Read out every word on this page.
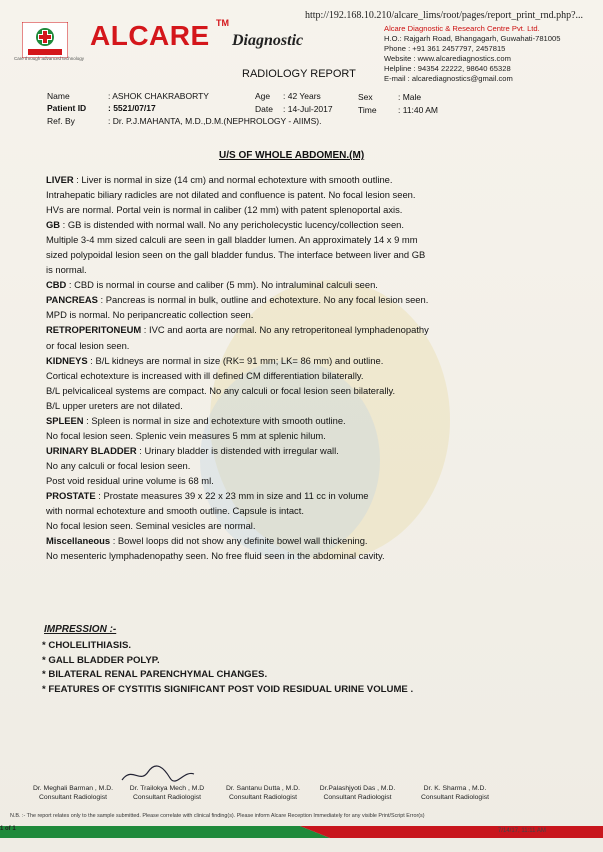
http://192.168.10.210/alcare_lims/root/pages/report_print_rnd.php?...
Care through advanced technology
ALCARE TM
Diagnostic
Alcare Diagnostic & Research Centre Pvt. Ltd.
H.O.: Rajgarh Road, Bhangagarh, Guwahati-781005
Phone : +91 361 2457797, 2457815
Website : www.alcarediagnostics.com
Helpline : 94354 22222, 98640 65328
E-mail : alcarediagnostics@gmail.com
RADIOLOGY REPORT
Name	: ASHOK CHAKRABORTY
Patient ID	: 5521/07/17
Ref. By	: Dr. P.J.MAHANTA, M.D.,D.M.(NEPHROLOGY - AIIMS).
Age : 42 Years
Date : 14-Jul-2017
Sex	: Male
Time	: 11:40 AM
U/S OF WHOLE ABDOMEN.(M)

LIVER : Liver is normal in size (14 cm) and normal echotexture with smooth outline.

Intrahepatic biliary radicles are not dilated and confluence is patent. No focal lesion seen.

HVs are normal. Portal vein is normal in caliber (12 mm) with patent splenoportal axis.

GB : GB is distended with normal wall. No any pericholecystic lucency/collection seen.

Multiple 3-4 mm sized calculi are seen in gall bladder lumen. An approximately 14 x 9 mm

sized polypoidal lesion seen on the gall bladder fundus. The interface between liver and GB

is normal.

CBD : CBD is normal in course and caliber (5 mm). No intraluminal calculi seen.

PANCREAS : Pancreas is normal in bulk, outline and echotexture. No any focal lesion seen.

MPD is normal. No peripancreatic collection seen.

RETROPERITONEUM : IVC and aorta are normal. No any retroperitoneal lymphadenopathy

or focal lesion seen.

KIDNEYS : B/L kidneys are normal in size (RK= 91 mm; LK= 86 mm) and outline.

Cortical echotexture is increased with ill defined CM differentiation bilaterally.

B/L pelvicaliceal systems are compact. No any calculi or focal lesion seen bilaterally.

B/L upper ureters are not dilated.

SPLEEN : Spleen is normal in size and echotexture with smooth outline.

No focal lesion seen. Splenic vein measures 5 mm at splenic hilum.

URINARY BLADDER : Urinary bladder is distended with irregular wall.

No any calculi or focal lesion seen.

Post void residual urine volume is 68 ml.

PROSTATE : Prostate measures 39 x 22 x 23 mm in size and 11 cc in volume

with normal echotexture and smooth outline. Capsule is intact.

No focal lesion seen. Seminal vesicles are normal.

Miscellaneous : Bowel loops did not show any definite bowel wall thickening.

No mesenteric lymphadenopathy seen. No free fluid seen in the abdominal cavity.

IMPRESSION :-
* CHOLELITHIASIS.
* GALL BLADDER POLYP.
* BILATERAL RENAL PARENCHYMAL CHANGES.
* FEATURES OF CYSTITIS SIGNIFICANT POST VOID RESIDUAL URINE VOLUME .
Dr. Meghali Barman , M.D.
Consultant Radiologist
Dr. Trailokya Mech , M.D
Consultant Radiologist
Dr. Santanu Dutta , M.D.
Consultant Radiologist
Dr.Palashjyoti Das , M.D.
Consultant Radiologist
Dr. K. Sharma , M.D.
Consultant Radiologist
N.B. :- The report relates only to the sample submitted. Please correlate with clinical finding(s). Please inform Alcare Reception Immediately for any visible Print/Script Error(s)
1 of 1	7/14/17, 11:11 AM
